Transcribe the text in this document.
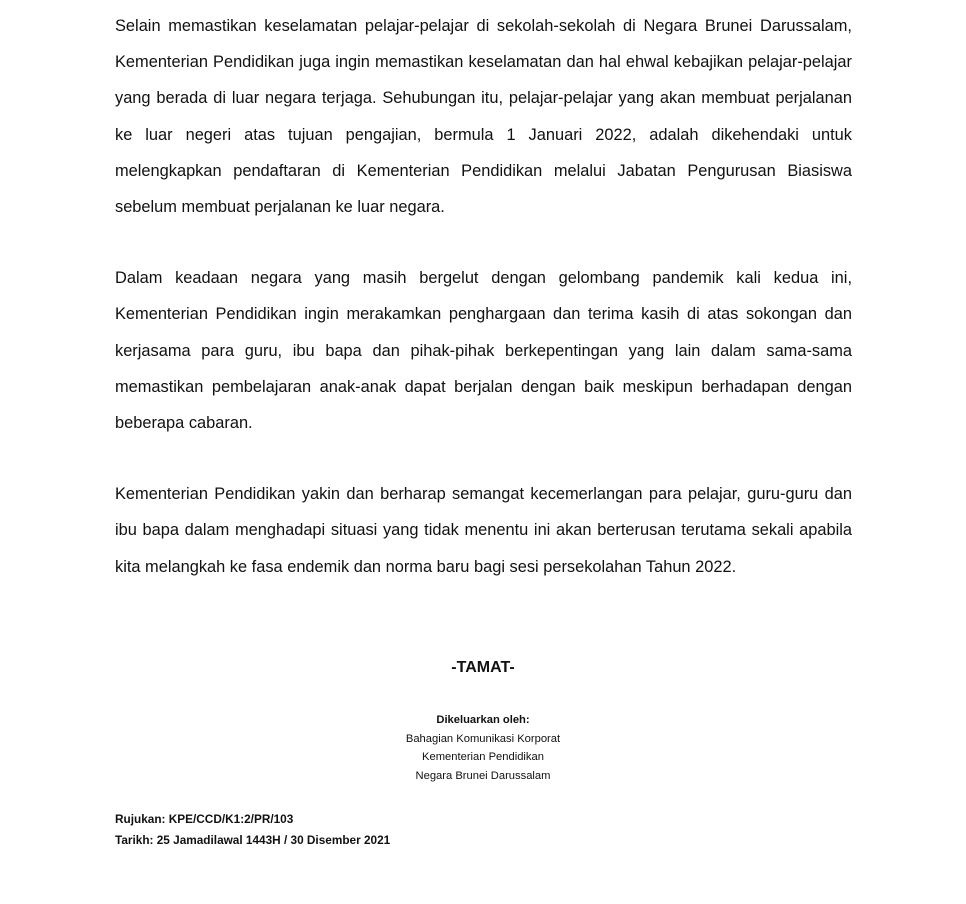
Selain memastikan keselamatan pelajar-pelajar di sekolah-sekolah di Negara Brunei Darussalam, Kementerian Pendidikan juga ingin memastikan keselamatan dan hal ehwal kebajikan pelajar-pelajar yang berada di luar negara terjaga. Sehubungan itu, pelajar-pelajar yang akan membuat perjalanan ke luar negeri atas tujuan pengajian, bermula 1 Januari 2022, adalah dikehendaki untuk melengkapkan pendaftaran di Kementerian Pendidikan melalui Jabatan Pengurusan Biasiswa sebelum membuat perjalanan ke luar negara.

Dalam keadaan negara yang masih bergelut dengan gelombang pandemik kali kedua ini, Kementerian Pendidikan ingin merakamkan penghargaan dan terima kasih di atas sokongan dan kerjasama para guru, ibu bapa dan pihak-pihak berkepentingan yang lain dalam sama-sama memastikan pembelajaran anak-anak dapat berjalan dengan baik meskipun berhadapan dengan beberapa cabaran.

Kementerian Pendidikan yakin dan berharap semangat kecemerlangan para pelajar, guru-guru dan ibu bapa dalam menghadapi situasi yang tidak menentu ini akan berterusan terutama sekali apabila kita melangkah ke fasa endemik dan norma baru bagi sesi persekolahan Tahun 2022.

-TAMAT-
Dikeluarkan oleh:
Bahagian Komunikasi Korporat
Kementerian Pendidikan
Negara Brunei Darussalam
Rujukan: KPE/CCD/K1:2/PR/103
Tarikh: 25 Jamadilawal 1443H / 30 Disember 2021
